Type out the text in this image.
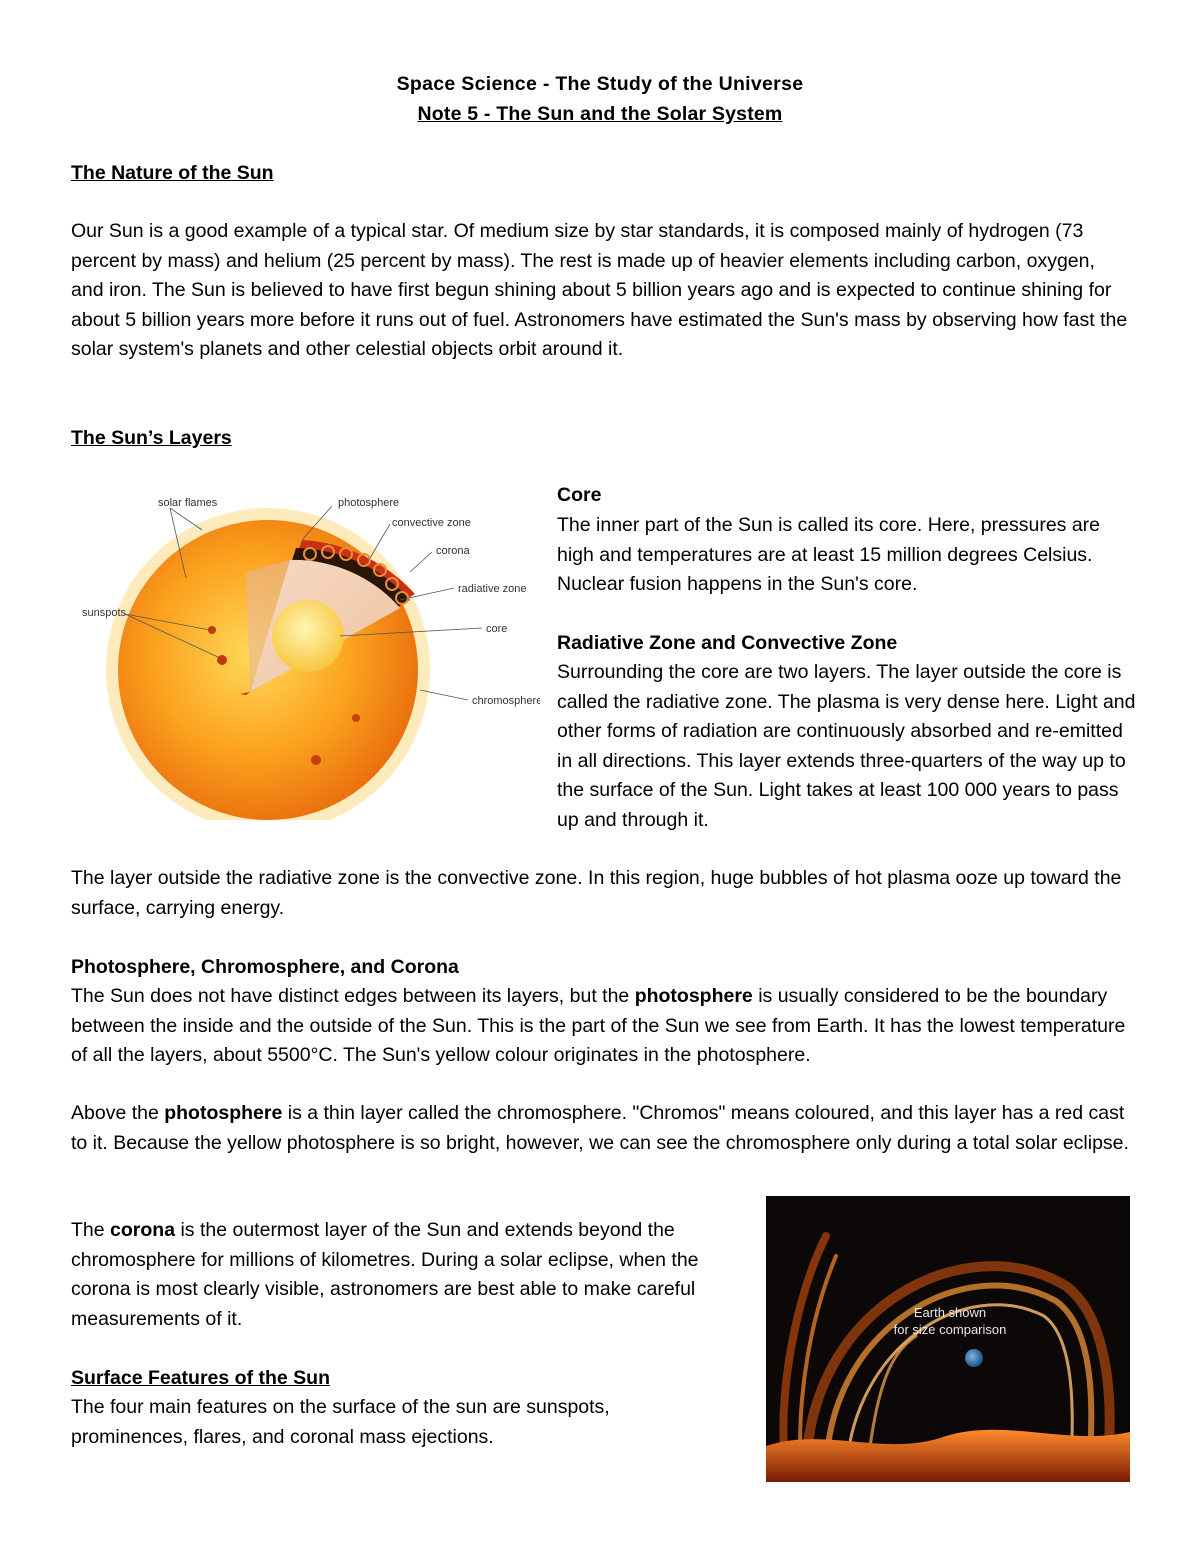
Space Science - The Study of the Universe
Note 5 - The Sun and the Solar System
The Nature of the Sun

Our Sun is a good example of a typical star. Of medium size by star standards, it is composed mainly of hydrogen (73 percent by mass) and helium (25 percent by mass). The rest is made up of heavier elements including carbon, oxygen, and iron. The Sun is believed to have first begun shining about 5 billion years ago and is expected to continue shining for about 5 billion years more before it runs out of fuel. Astronomers have estimated the Sun's mass by observing how fast the solar system's planets and other celestial objects orbit around it.

The Sun’s Layers
solar flames	photosphere
convective zone
corona
radiative zone
core
sunspots
chromosphere
Core

The inner part of the Sun is called its core. Here, pressures are high and temperatures are at least 15 million degrees Celsius. Nuclear fusion happens in the Sun's core.

Radiative Zone and Convective Zone

Surrounding the core are two layers. The layer outside the core is called the radiative zone. The plasma is very dense here. Light and other forms of radiation are continuously absorbed and re-emitted in all directions. This layer extends three-quarters of the way up to the surface of the Sun. Light takes at least 100 000 years to pass up and through it.

The layer outside the radiative zone is the convective zone. In this region, huge bubbles of hot plasma ooze up toward the surface, carrying energy.

Photosphere, Chromosphere, and Corona

The Sun does not have distinct edges between its layers, but the photosphere is usually considered to be the boundary between the inside and the outside of the Sun. This is the part of the Sun we see from Earth. It has the lowest temperature of all the layers, about 5500°C. The Sun's yellow colour originates in the photosphere.

Above the photosphere is a thin layer called the chromosphere. "Chromos" means coloured, and this layer has a red cast to it. Because the yellow photosphere is so bright, however, we can see the chromosphere only during a total solar eclipse.

The corona is the outermost layer of the Sun and extends beyond the chromosphere for millions of kilometres. During a solar eclipse, when the corona is most clearly visible, astronomers are best able to make careful measurements of it.	Earth shown
for size comparison
Surface Features of the Sun

The four main features on the surface of the sun are sunspots, prominences, flares, and coronal mass ejections.
